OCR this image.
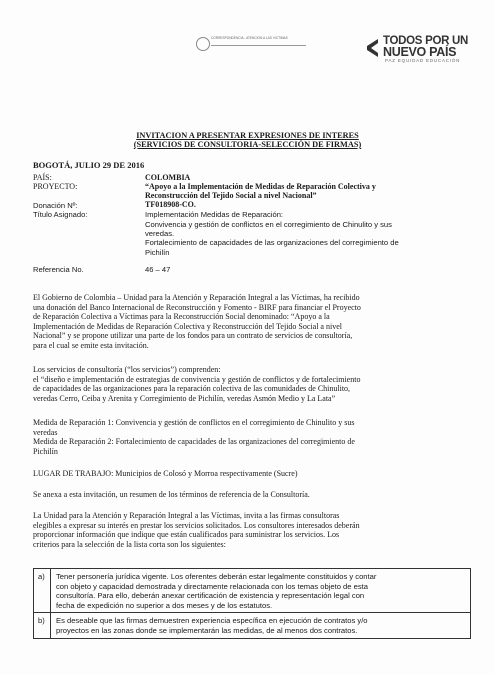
CORRESPONDENCIA - ATENCION A LAS VICTIMAS	TODOS POR UN
NUEVO PAÍS
PAZ EQUIDAD EDUCACIÓN
INVITACION A PRESENTAR EXPRESIONES DE INTERES
(SERVICIOS DE CONSULTORIA-SELECCIÓN DE FIRMAS)
BOGOTÁ, JULIO 29 DE 2016
PAÍS:	COLOMBIA
PROYECTO:	“Apoyo a la Implementación de Medidas de Reparación Colectiva y
Reconstrucción del Tejido Social a nivel Nacional”
Donación Nº:	TF018908-CO.
Título Asignado:	Implementación Medidas de Reparación:
Convivencia y gestión de conflictos en el corregimiento de Chinulito y sus
veredas.
Fortalecimiento de capacidades de las organizaciones del corregimiento de
Pichilín
Referencia No.	46 – 47
El Gobierno de Colombia – Unidad para la Atención y Reparación Integral a las Víctimas, ha recibido
una donación del Banco Internacional de Reconstrucción y Fomento - BIRF para financiar el Proyecto
de Reparación Colectiva a Víctimas para la Reconstrucción Social denominado: “Apoyo a la
Implementación de Medidas de Reparación Colectiva y Reconstrucción del Tejido Social a nivel
Nacional” y se propone utilizar una parte de los fondos para un contrato de servicios de consultoría,
para el cual se emite esta invitación.
Los servicios de consultoría (“los servicios”) comprenden:
el “diseño e implementación de estrategias de convivencia y gestión de conflictos y de fortalecimiento
de capacidades de las organizaciones para la reparación colectiva de las comunidades de Chinulito,
veredas Cerro, Ceiba y Arenita y Corregimiento de Pichilín, veredas Asmón Medio y La Lata”
Medida de Reparación 1: Convivencia y gestión de conflictos en el corregimiento de Chinulito y sus
veredas
Medida de Reparación 2: Fortalecimiento de capacidades de las organizaciones del corregimiento de
Pichilín
LUGAR DE TRABAJO: Municipios de Colosó y Morroa respectivamente (Sucre)
Se anexa a esta invitación, un resumen de los términos de referencia de la Consultoría.
La Unidad para la Atención y Reparación Integral a las Víctimas, invita a las firmas consultoras
elegibles a expresar su interés en prestar los servicios solicitados. Los consultores interesados deberán
proporcionar información que indique que están cualificados para suministrar los servicios. Los
criterios para la selección de la lista corta son los siguientes:
a)	Tener personería jurídica vigente. Los oferentes deberán estar legalmente constituidos y contar
con objeto y capacidad demostrada y directamente relacionada con los temas objeto de esta
consultoría. Para ello, deberán anexar certificación de existencia y representación legal con
fecha de expedición no superior a dos meses y de los estatutos.
b)	Es deseable que las firmas demuestren experiencia específica en ejecución de contratos y/o
proyectos en las zonas donde se implementarán las medidas, de al menos dos contratos.
